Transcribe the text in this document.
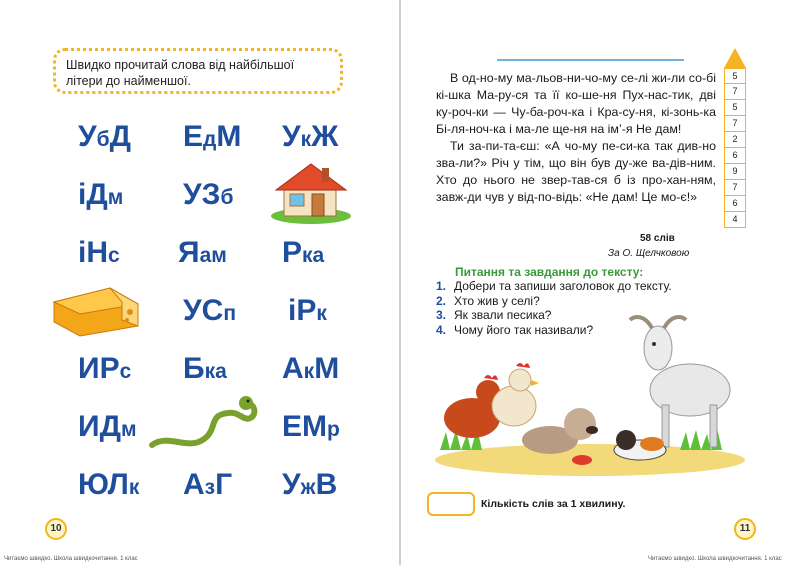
Швидко прочитай слова від найбільшої літери до найменшої.
УбД ЕдМ УкЖ
іДм УЗб
іНс Яам Рка
УСп іРк
ИРс Бка АкМ
ИДм	ЕМр
ЮЛк АзГ УжВ
10
Читаємо швидко. Школа швидкочитання. 1 клас

В од-но-му ма-льов-ни-чо-му се-лі жи-ли со-бі кі-шка Ма-ру-ся та її ко-ше-ня Пух-нас-тик, дві ку-роч-ки — Чу-ба-роч-ка і Кра-су-ня, кі-зонь-ка Бі-ля-ноч-ка і ма-ле ще-ня на ім’-я Не дам!

Ти за-пи-та-єш: «А чо-му пе-си-ка так див-но зва-ли?» Річ у тім, що він був ду-же ва-дів-ним. Хто до нього не звер-тав-ся б із про-хан-ням, завж-ди чув у від-по-відь: «Не дам! Це мо-є!»

58 слів
За О. Щелчковою
Питання та завдання до тексту:
1. Добери та запиши заголовок до тексту.
2. Хто жив у селі?
3. Як звали песика?
4. Чому його так називали?
5
7
5
7
2
6
9
7
6
4
Кількість слів за 1 хвилину.
11
Читаємо швидко. Школа швидкочитання. 1 клас
